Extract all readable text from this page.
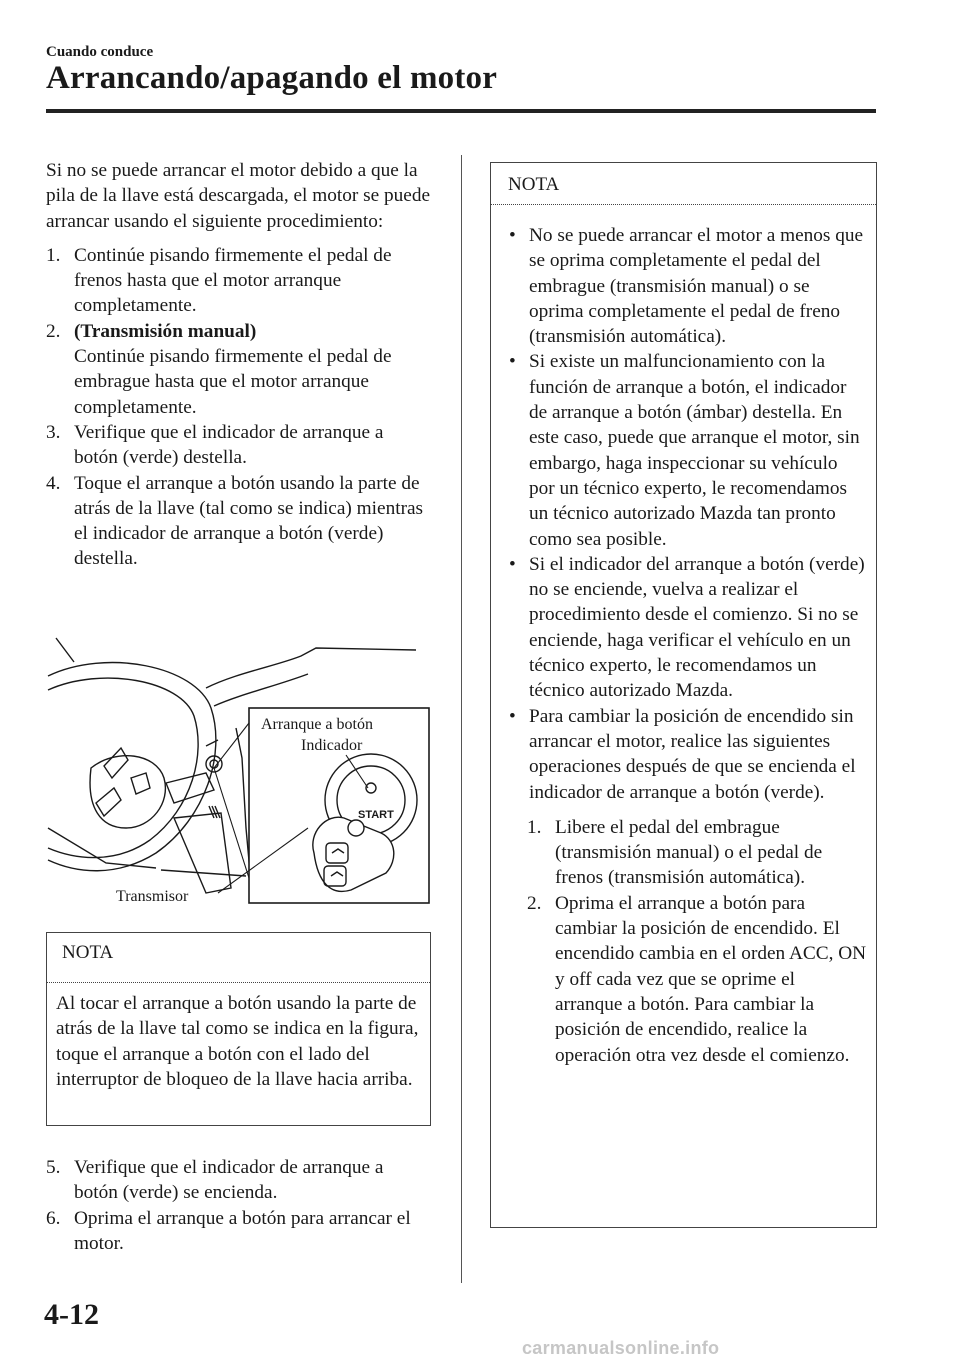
Cuando conduce
Arrancando/apagando el motor

Si no se puede arrancar el motor debido a que la pila de la llave está descargada, el motor se puede arrancar usando el siguiente procedimiento:

1. Continúe pisando firmemente el pedal de frenos hasta que el motor arranque completamente.
2. (Transmisión manual)
Continúe pisando firmemente el pedal de embrague hasta que el motor arranque completamente.
3. Verifique que el indicador de arranque a botón (verde) destella.
4. Toque el arranque a botón usando la parte de atrás de la llave (tal como se indica) mientras el indicador de arranque a botón (verde) destella.
START
Arranque a botón
Indicador
Transmisor
NOTA
Al tocar el arranque a botón usando la parte de atrás de la llave tal como se indica en la figura, toque el arranque a botón con el lado del interruptor de bloqueo de la llave hacia arriba.
5. Verifique que el indicador de arranque a botón (verde) se encienda.
6. Oprima el arranque a botón para arrancar el motor.
NOTA
• No se puede arrancar el motor a menos que se oprima completamente el pedal del embrague (transmisión manual) o se oprima completamente el pedal de freno (transmisión automática).
• Si existe un malfuncionamiento con la función de arranque a botón, el indicador de arranque a botón (ámbar) destella. En este caso, puede que arranque el motor, sin embargo, haga inspeccionar su vehículo por un técnico experto, le recomendamos un técnico autorizado Mazda tan pronto como sea posible.
• Si el indicador del arranque a botón (verde) no se enciende, vuelva a realizar el procedimiento desde el comienzo. Si no se enciende, haga verificar el vehículo en un técnico experto, le recomendamos un técnico autorizado Mazda.
• Para cambiar la posición de encendido sin arrancar el motor, realice las siguientes operaciones después de que se encienda el indicador de arranque a botón (verde).
1. Libere el pedal del embrague (transmisión manual) o el pedal de frenos (transmisión automática).
2. Oprima el arranque a botón para cambiar la posición de encendido. El encendido cambia en el orden ACC, ON y off cada vez que se oprime el arranque a botón. Para cambiar la posición de encendido, realice la operación otra vez desde el comienzo.
4-12
carmanualsonline.info
